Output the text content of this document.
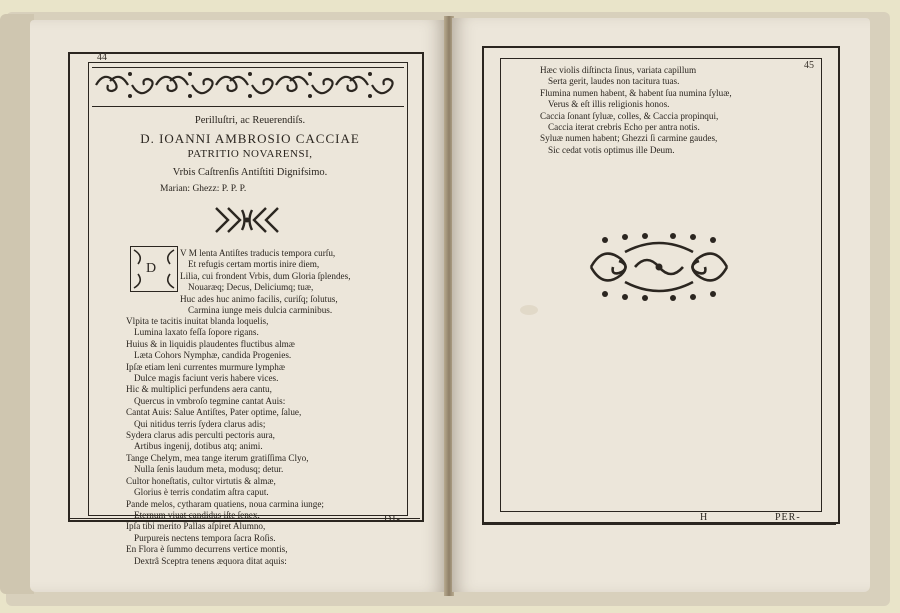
44
Perilluſtri, ac Reuerendiſs.
D. IOANNI AMBROSIO CACCIAE
PATRITIO NOVARENSI,
Vrbis Caſtrenſis Antiſtiti Dignifsimo.
Marian: Ghezz: P. P. P.
D
V M lenta Antiſtes traducis tempora curſu,
Et refugis certam mortis inire diem,
Lilia, cui frondent Vrbis, dum Gloria ſplendes,
Nouaræq; Decus, Deliciumq; tuæ,
Huc ades huc animo facilis, curiſq; ſolutus,
Carmina iunge meis dulcia carminibus.
Vlpita te tacitis inuitat blanda loquelis,
Lumina laxato feſſa ſopore rigans.
Huius & in liquidis plaudentes fluctibus almæ
Læta Cohors Nymphæ, candida Progenies.
Ipſæ etiam leni currentes murmure lymphæ
Dulce magis faciunt veris habere vices.
Hic & multiplici perfundens aera cantu,
Quercus in vmbroſo tegmine cantat Auis:
Cantat Auis: Salue Antiſtes, Pater optime, ſalue,
Qui nitidus terris ſydera clarus adis;
Sydera clarus adis perculti pectoris aura,
Artibus ingenij, dotibus atq; animi.
Tange Chelym, mea tange iterum gratiſſima Clyo,
Nulla ſenis laudum meta, modusq; detur.
Cultor honeſtatis, cultor virtutis & almæ,
Glorius è terris condatim aſtra caput.
Pande melos, cytharam quatiens, noua carmina iunge;
Eternum viuat candidus iſte ſenex.
Ipſa tibi merito Pallas aſpiret Alumno,
Purpureis nectens tempora ſacra Roſis.
En Flora è ſummo decurrens vertice montis,
Dextrâ Sceptra tenens æquora ditat aquis:
DI-
45
Hæc violis diſtincta ſinus, variata capillum
Serta gerit, laudes non tacitura tuas.
Flumina numen habent, & habent ſua numina ſyluæ,
Verus & eſt illis religionis honos.
Caccia ſonant ſyluæ, colles, & Caccia propinqui,
Caccia iterat crebris Echo per antra notis.
Syluæ numen habent; Ghezzi ſi carmine gaudes,
Sic cedat votis optimus ille Deum.
H	PER-
